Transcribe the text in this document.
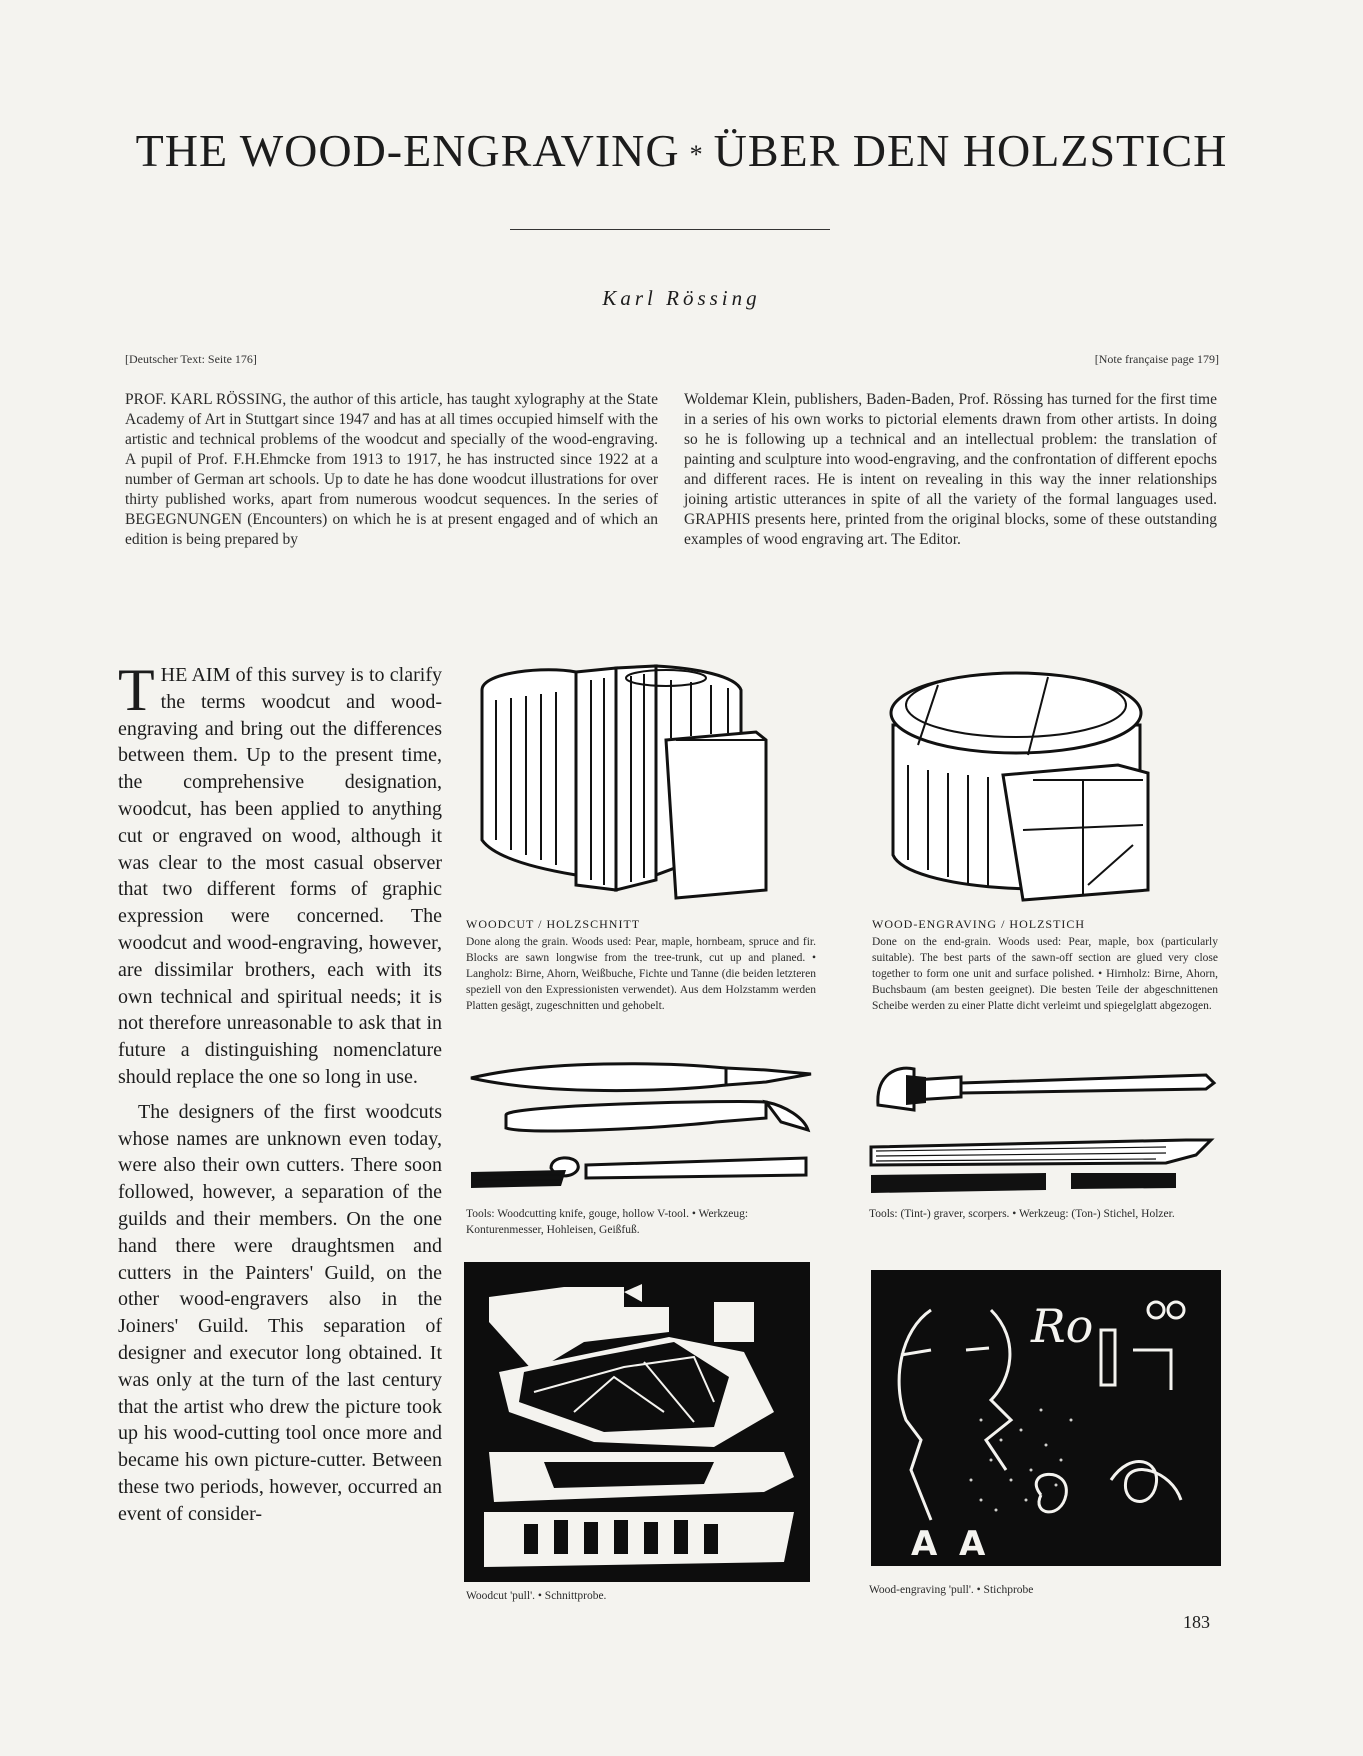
THE WOOD-ENGRAVING * ÜBER DEN HOLZSTICH
Karl Rössing
[Deutscher Text: Seite 176]	[Note française page 179]
PROF. KARL RÖSSING, the author of this article, has taught xylography at the State Academy of Art in Stuttgart since 1947 and has at all times occupied himself with the artistic and technical problems of the woodcut and specially of the wood-engraving. A pupil of Prof. F.H.Ehmcke from 1913 to 1917, he has instructed since 1922 at a number of German art schools. Up to date he has done woodcut illustrations for over thirty published works, apart from numerous woodcut sequences. In the series of BEGEGNUNGEN (Encounters) on which he is at present engaged and of which an edition is being prepared by
Woldemar Klein, publishers, Baden-Baden, Prof. Rössing has turned for the first time in a series of his own works to pictorial elements drawn from other artists. In doing so he is following up a technical and an intellectual problem: the translation of painting and sculpture into wood-engraving, and the confrontation of different epochs and different races. He is intent on revealing in this way the inner relationships joining artistic utterances in spite of all the variety of the formal languages used. GRAPHIS presents here, printed from the original blocks, some of these outstanding examples of wood engraving art. The Editor.

THE AIM of this survey is to clarify the terms woodcut and wood-engraving and bring out the differences between them. Up to the present time, the comprehensive designation, woodcut, has been applied to anything cut or engraved on wood, although it was clear to the most casual observer that two different forms of graphic expression were concerned. The woodcut and wood-engraving, however, are dissimilar brothers, each with its own technical and spiritual needs; it is not therefore unreasonable to ask that in future a distinguishing nomenclature should replace the one so long in use.

The designers of the first woodcuts whose names are unknown even today, were also their own cutters. There soon followed, however, a separation of the guilds and their members. On the one hand there were draughtsmen and cutters in the Painters' Guild, on the other wood-engravers also in the Joiners' Guild. This separation of designer and executor long obtained. It was only at the turn of the last century that the artist who drew the picture took up his wood-cutting tool once more and became his own picture-cutter. Between these two periods, however, occurred an event of consider-

WOODCUT / HOLZSCHNITT
Done along the grain. Woods used: Pear, maple, hornbeam, spruce and fir. Blocks are sawn longwise from the tree-trunk, cut up and planed. • Langholz: Birne, Ahorn, Weißbuche, Fichte und Tanne (die beiden letzteren speziell von den Expressionisten verwendet). Aus dem Holzstamm werden Platten gesägt, zugeschnitten und gehobelt.
WOOD-ENGRAVING / HOLZSTICH
Done on the end-grain. Woods used: Pear, maple, box (particularly suitable). The best parts of the sawn-off section are glued very close together to form one unit and surface polished. • Hirnholz: Birne, Ahorn, Buchsbaum (am besten geeignet). Die besten Teile der abgeschnittenen Scheibe werden zu einer Platte dicht verleimt und spiegelglatt abgezogen.
Tools: Woodcutting knife, gouge, hollow V-tool. • Werkzeug: Konturenmesser, Hohleisen, Geißfuß.
Tools: (Tint-) graver, scorpers. • Werkzeug: (Ton-) Stichel, Holzer.
Woodcut 'pull'. • Schnittprobe.
Ro
A A
Wood-engraving 'pull'. • Stichprobe
183
